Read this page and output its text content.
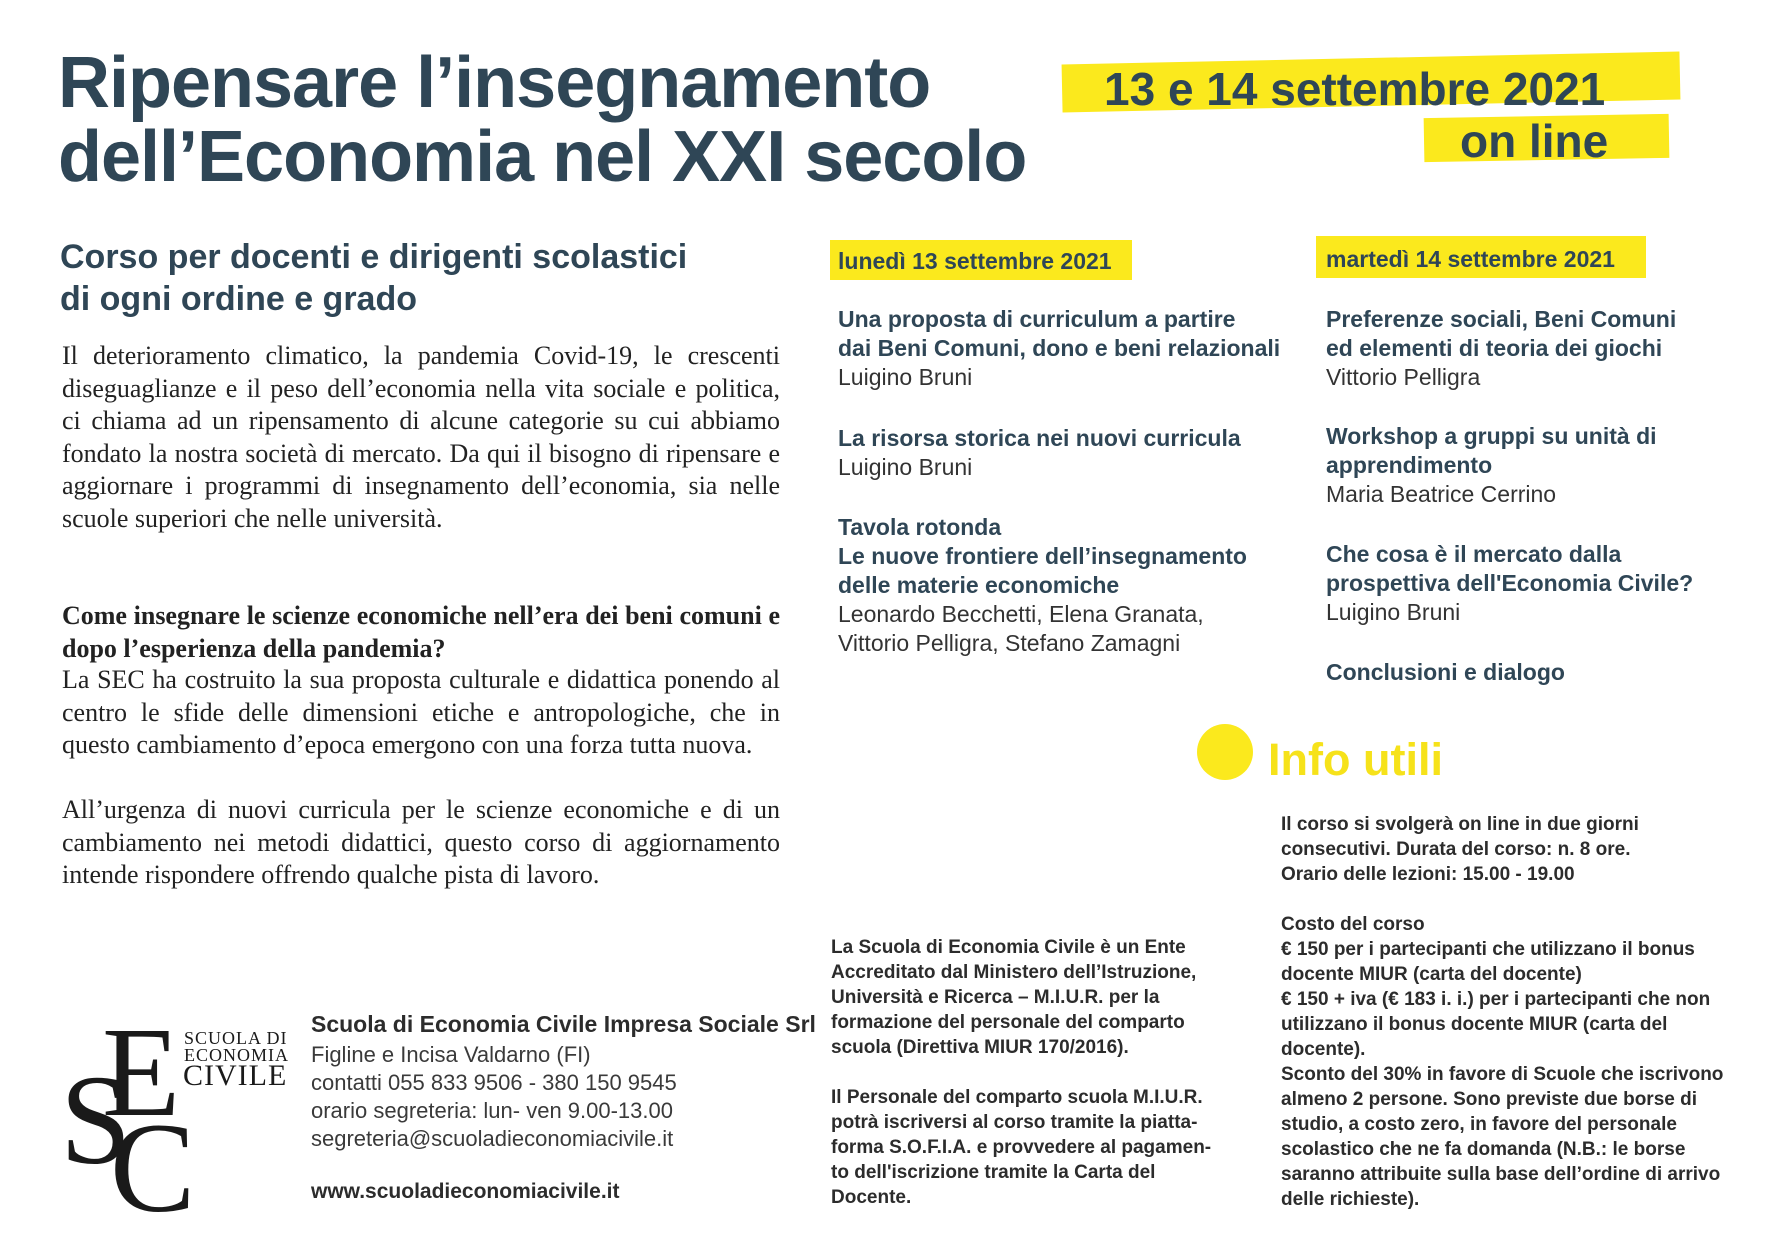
Ripensare l’insegnamento
dell’Economia nel XXI secolo
13 e 14 settembre 2021
on line
Corso per docenti e dirigenti scolastici
di ogni ordine e grado
Il deterioramento climatico, la pandemia Covid-19, le crescenti diseguaglianze e il peso dell’economia nella vita sociale e politica, ci chiama ad un ripensamento di alcune categorie su cui abbiamo fondato la nostra società di mercato. Da qui il bisogno di ripensare e aggiornare i programmi di insegnamento dell’economia, sia nelle scuole superiori che nelle università.
Come insegnare le scienze economiche nell’era dei beni comuni e dopo l’esperienza della pandemia?
La SEC ha costruito la sua proposta culturale e didattica ponendo al centro le sfide delle dimensioni etiche e antropologiche, che in questo cambiamento d’epoca emergono con una forza tutta nuova.
All’urgenza di nuovi curricula per le scienze economiche e di un cambiamento nei metodi didattici, questo corso di aggiornamento intende rispondere offrendo qualche pista di lavoro.
lunedì 13 settembre 2021
Una proposta di curriculum a partire
dai Beni Comuni, dono e beni relazionali
Luigino Bruni
La risorsa storica nei nuovi curricula
Luigino Bruni
Tavola rotonda
Le nuove frontiere dell’insegnamento
delle materie economiche
Leonardo Becchetti, Elena Granata,
Vittorio Pelligra, Stefano Zamagni
martedì 14 settembre 2021
Preferenze sociali, Beni Comuni
ed elementi di teoria dei giochi
Vittorio Pelligra
Workshop a gruppi su unità di
apprendimento
Maria Beatrice Cerrino
Che cosa è il mercato dalla
prospettiva dell'Economia Civile?
Luigino Bruni
Conclusioni e dialogo
Info utili
Il corso si svolgerà on line in due giorni
consecutivi. Durata del corso: n. 8 ore.
Orario delle lezioni: 15.00 - 19.00

Costo del corso
€ 150 per i partecipanti che utilizzano il bonus
docente MIUR (carta del docente)
€ 150 + iva (€ 183 i. i.) per i partecipanti che non
utilizzano il bonus docente MIUR (carta del
docente).
Sconto del 30% in favore di Scuole che iscrivono
almeno 2 persone. Sono previste due borse di
studio, a costo zero, in favore del personale
scolastico che ne fa domanda (N.B.: le borse
saranno attribuite sulla base dell’ordine di arrivo
delle richieste).
La Scuola di Economia Civile è un Ente
Accreditato dal Ministero dell’Istruzione,
Università e Ricerca – M.I.U.R. per la
formazione del personale del comparto
scuola (Direttiva MIUR 170/2016).

Il Personale del comparto scuola M.I.U.R.
potrà iscriversi al corso tramite la piatta-
forma S.O.F.I.A. e provvedere al pagamen-
to dell'iscrizione tramite la Carta del
Docente.
S
E
C
SCUOLA DI
ECONOMIA
CIVILE
Scuola di Economia Civile Impresa Sociale Srl
Figline e Incisa Valdarno (FI)
contatti 055 833 9506 - 380 150 9545
orario segreteria: lun- ven 9.00-13.00
segreteria@scuoladieconomiacivile.it
www.scuoladieconomiacivile.it
